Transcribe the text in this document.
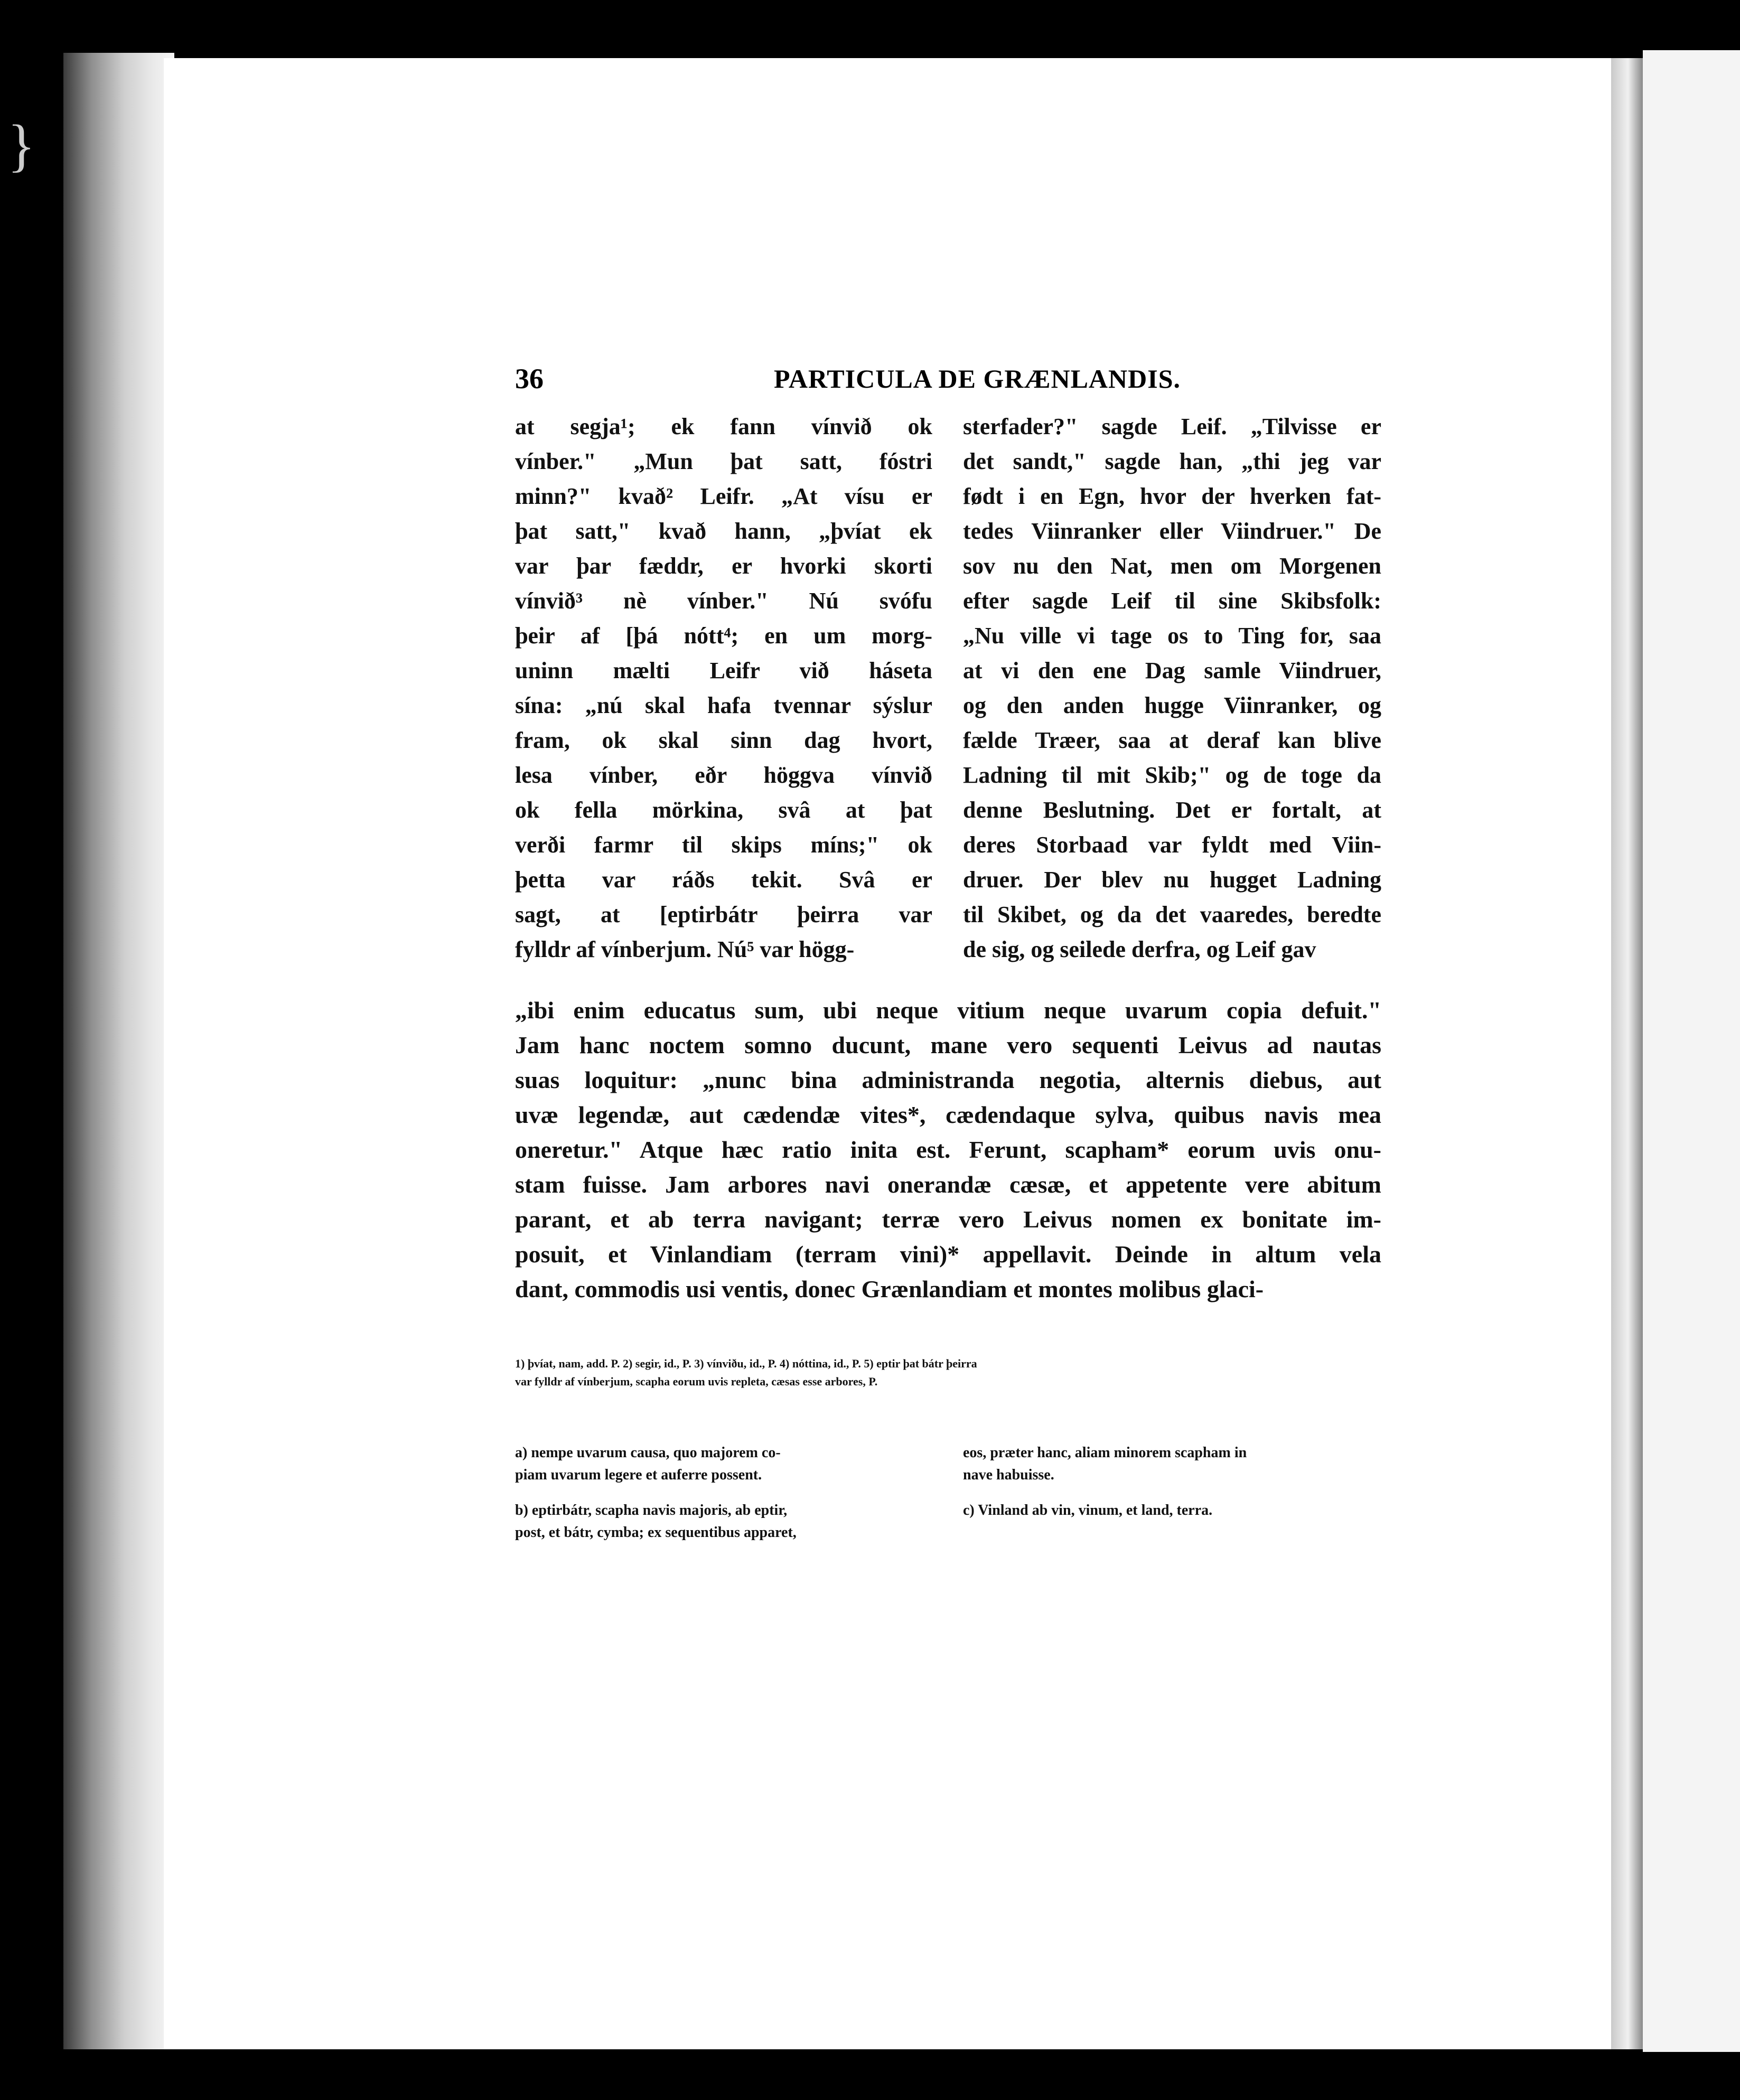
}
36	PARTICULA DE GRÆNLANDIS.
at segja¹; ek fann vínvið ok
vínber." „Mun þat satt, fóstri
minn?" kvað² Leifr. „At vísu er
þat satt," kvað hann, „þvíat ek
var þar fæddr, er hvorki skorti
vínvið³ nè vínber." Nú svófu
þeir af [þá nótt⁴; en um morg-
uninn mælti Leifr við háseta
sína: „nú skal hafa tvennar sýslur
fram, ok skal sinn dag hvort,
lesa vínber, eðr höggva vínvið
ok fella mörkina, svâ at þat
verði farmr til skips míns;" ok
þetta var ráðs tekit. Svâ er
sagt, at [eptirbátr þeirra var
fylldr af vínberjum. Nú⁵ var högg-
sterfader?" sagde Leif. „Tilvisse er
det sandt," sagde han, „thi jeg var
født i en Egn, hvor der hverken fat-
tedes Viinranker eller Viindruer." De
sov nu den Nat, men om Morgenen
efter sagde Leif til sine Skibsfolk:
„Nu ville vi tage os to Ting for, saa
at vi den ene Dag samle Viindruer,
og den anden hugge Viinranker, og
fælde Træer, saa at deraf kan blive
Ladning til mit Skib;" og de toge da
denne Beslutning. Det er fortalt, at
deres Storbaad var fyldt med Viin-
druer. Der blev nu hugget Ladning
til Skibet, og da det vaaredes, beredte
de sig, og seilede derfra, og Leif gav
„ibi enim educatus sum, ubi neque vitium neque uvarum copia defuit."
Jam hanc noctem somno ducunt, mane vero sequenti Leivus ad nautas
suas loquitur: „nunc bina administranda negotia, alternis diebus, aut
uvæ legendæ, aut cædendæ vites*, cædendaque sylva, quibus navis mea
oneretur." Atque hæc ratio inita est. Ferunt, scapham* eorum uvis onu-
stam fuisse. Jam arbores navi onerandæ cæsæ, et appetente vere abitum
parant, et ab terra navigant; terræ vero Leivus nomen ex bonitate im-
posuit, et Vinlandiam (terram vini)* appellavit. Deinde in altum vela
dant, commodis usi ventis, donec Grænlandiam et montes molibus glaci-
1) þvíat, nam, add. P. 2) segir, id., P. 3) vínviðu, id., P. 4) nóttina, id., P. 5) eptir þat bátr þeirra
var fylldr af vínberjum, scapha eorum uvis repleta, cæsas esse arbores, P.
a) nempe uvarum causa, quo majorem co-
piam uvarum legere et auferre possent.
b) eptirbátr, scapha navis majoris, ab eptir,
post, et bátr, cymba; ex sequentibus apparet,
eos, præter hanc, aliam minorem scapham in
nave habuisse.
c) Vinland ab vin, vinum, et land, terra.
